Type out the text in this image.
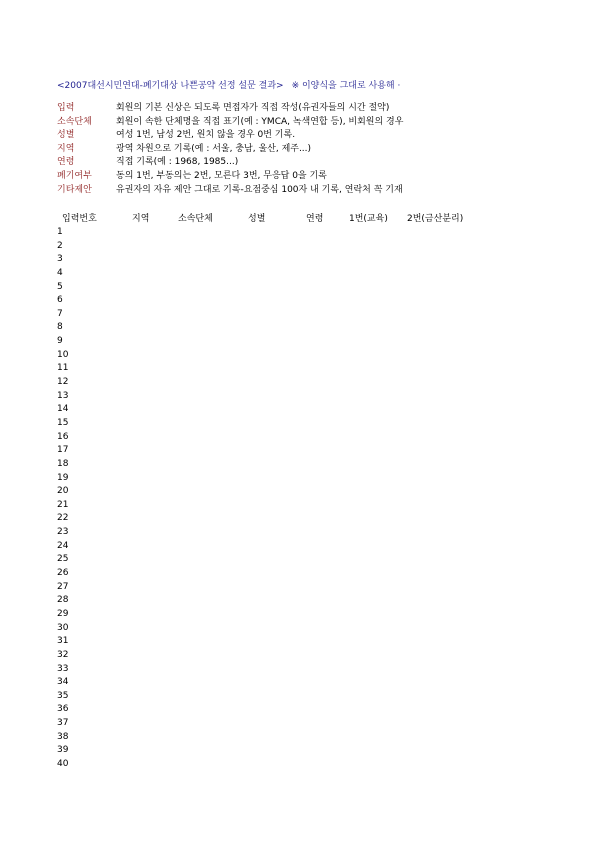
<2007대선시민연대-폐기대상 나쁜공약 선정 설문 결과> ※ 이양식을 그대로 사용해 ·
입력	회원의 기본 신상은 되도록 면접자가 직접 작성(유권자들의 시간 절약)
소속단체	회원이 속한 단체명을 직접 표기(예 : YMCA, 녹색연합 등), 비회원의 경우
성별	여성 1번, 남성 2번, 원치 않을 경우 0번 기록.
지역	광역 차원으로 기록(예 : 서울, 충남, 울산, 제주...)
연령	직접 기록(예 : 1968, 1985...)
폐기여부	동의 1번, 부동의는 2번, 모른다 3번, 무응답 0을 기록
기타제안	유권자의 자유 제안 그대로 기록-요점중심 100자 내 기록, 연락처 꼭 기재
입력번호	지역	소속단체	성별	연령	1번(교육) 2번(금산분리)
1
2
3
4
5
6
7
8
9
10
11
12
13
14
15
16
17
18
19
20
21
22
23
24
25
26
27
28
29
30
31
32
33
34
35
36
37
38
39
40
